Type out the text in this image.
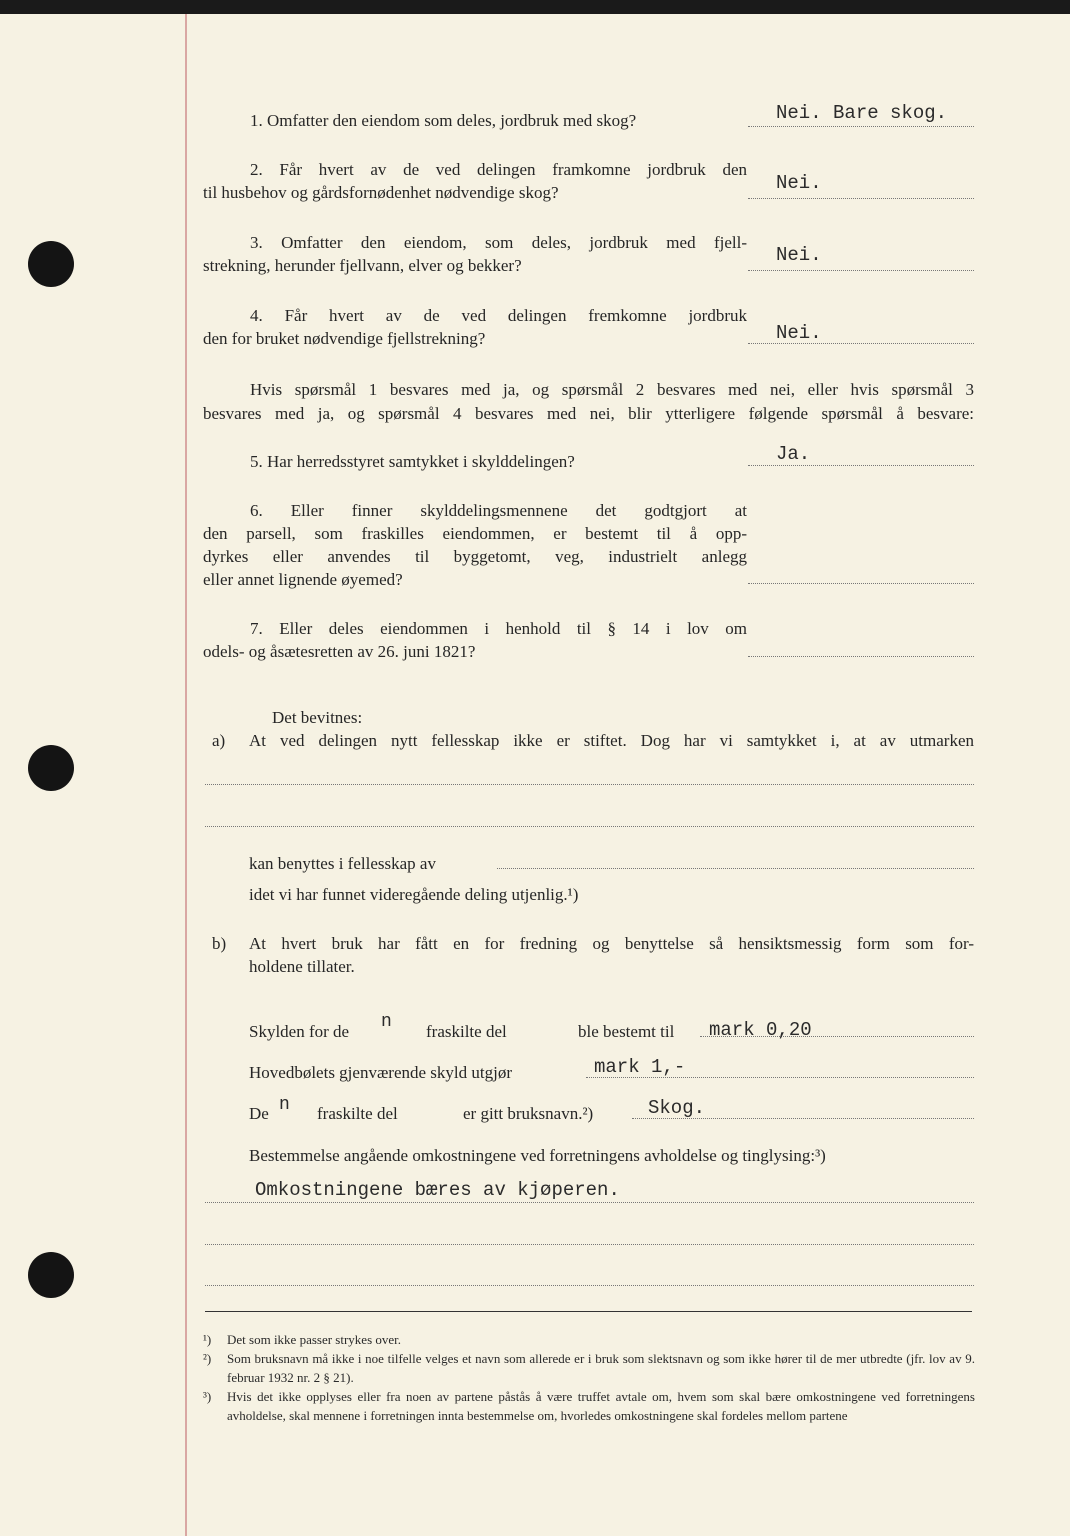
1. Omfatter den eiendom som deles, jordbruk med skog?	Nei. Bare skog.
2. Får hvert av de ved delingen framkomne jordbruk den
til husbehov og gårdsfornødenhet nødvendige skog?	Nei.
3. Omfatter den eiendom, som deles, jordbruk med fjell-
strekning, herunder fjellvann, elver og bekker?	Nei.
4. Får hvert av de ved delingen fremkomne jordbruk
den for bruket nødvendige fjellstrekning?	Nei.
Hvis spørsmål 1 besvares med ja, og spørsmål 2 besvares med nei, eller hvis spørsmål 3
besvares med ja, og spørsmål 4 besvares med nei, blir ytterligere følgende spørsmål å besvare:
5. Har herredsstyret samtykket i skylddelingen?	Ja.
6. Eller finner skylddelingsmennene det godtgjort at
den parsell, som fraskilles eiendommen, er bestemt til å opp-
dyrkes eller anvendes til byggetomt, veg, industrielt anlegg
eller annet lignende øyemed?
7. Eller deles eiendommen i henhold til § 14 i lov om
odels- og åsætesretten av 26. juni 1821?
Det bevitnes:
a) At ved delingen nytt fellesskap ikke er stiftet. Dog har vi samtykket i, at av utmarken
kan benyttes i fellesskap av
idet vi har funnet videregående deling utjenlig.¹)
b) At hvert bruk har fått en for fredning og benyttelse så hensiktsmessig form som for-
holdene tillater.
Skylden for de n fraskilte del	ble bestemt til mark 0,20
Hovedbølets gjenværende skyld utgjør	mark 1,-
De n fraskilte del	er gitt bruksnavn.²)	Skog.
Bestemmelse angående omkostningene ved forretningens avholdelse og tinglysing:³)
Omkostningene bæres av kjøperen.
¹) Det som ikke passer strykes over.
²) Som bruksnavn må ikke i noe tilfelle velges et navn som allerede er i bruk som slektsnavn og som ikke hører til de mer utbredte (jfr. lov av 9. februar 1932 nr. 2 § 21).
³) Hvis det ikke opplyses eller fra noen av partene påstås å være truffet avtale om, hvem som skal bære omkostningene ved forretningens avholdelse, skal mennene i forretningen innta bestemmelse om, hvorledes omkostningene skal fordeles mellom partene
